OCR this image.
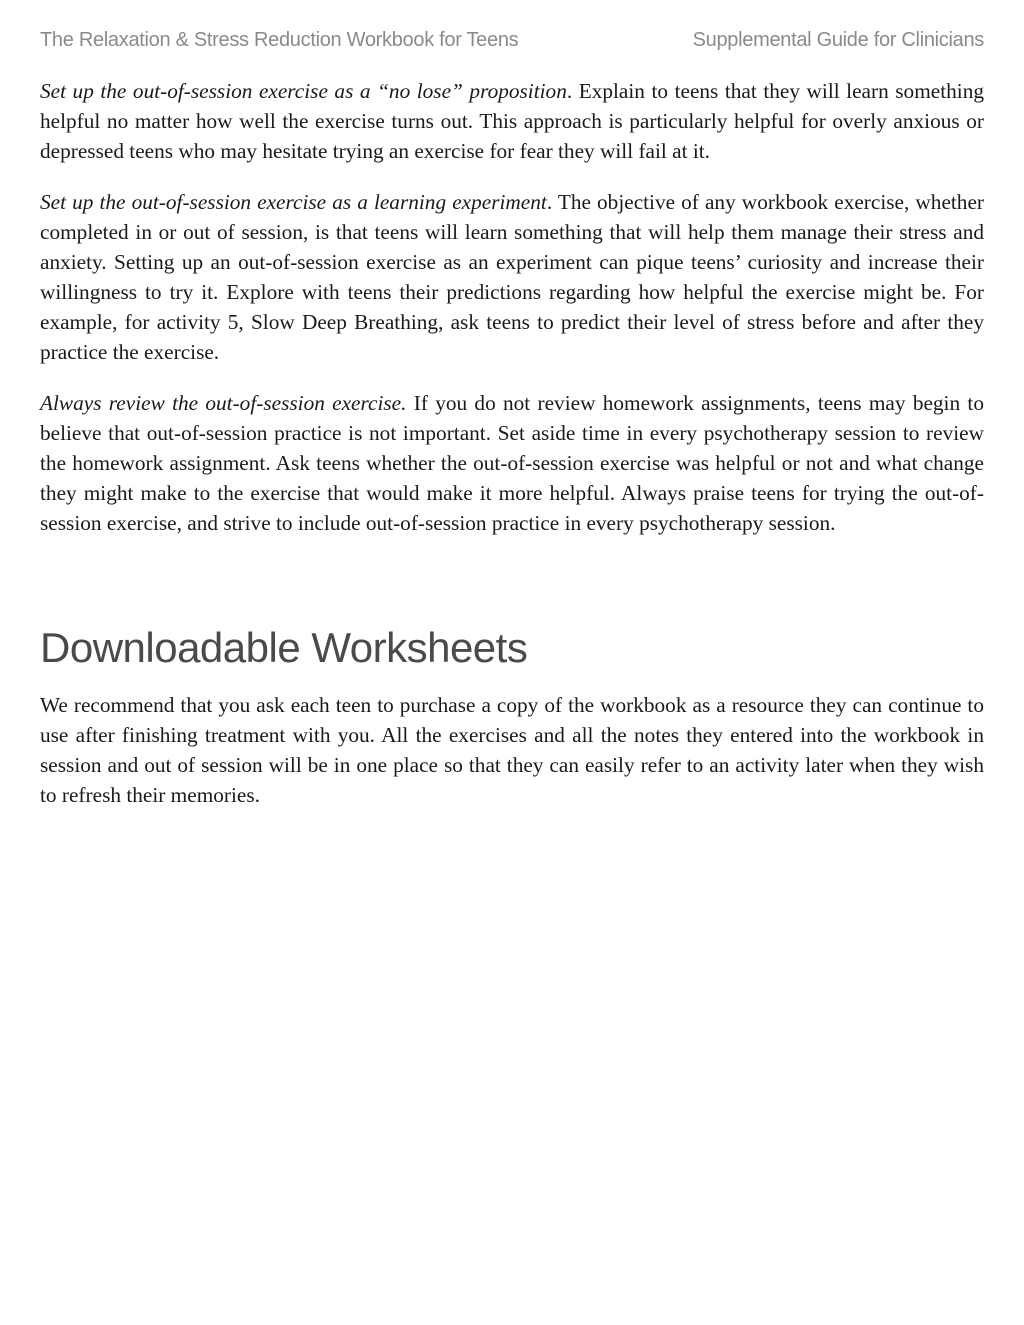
The Relaxation & Stress Reduction Workbook for Teens	Supplemental Guide for Clinicians

Set up the out-of-session exercise as a “no lose” proposition. Explain to teens that they will learn something helpful no matter how well the exercise turns out. This approach is particularly helpful for overly anxious or depressed teens who may hesitate trying an exercise for fear they will fail at it.

Set up the out-of-session exercise as a learning experiment. The objective of any workbook exercise, whether completed in or out of session, is that teens will learn something that will help them manage their stress and anxiety. Setting up an out-of-session exercise as an experiment can pique teens’ curiosity and increase their willingness to try it. Explore with teens their predictions regarding how helpful the exercise might be. For example, for activity 5, Slow Deep Breathing, ask teens to predict their level of stress before and after they practice the exercise.

Always review the out-of-session exercise. If you do not review homework assignments, teens may begin to believe that out-of-session practice is not important. Set aside time in every psychotherapy session to review the homework assignment. Ask teens whether the out-of-session exercise was helpful or not and what change they might make to the exercise that would make it more helpful. Always praise teens for trying the out-of-session exercise, and strive to include out-of-session practice in every psychotherapy session.

Downloadable Worksheets

We recommend that you ask each teen to purchase a copy of the workbook as a resource they can continue to use after finishing treatment with you. All the exercises and all the notes they entered into the workbook in session and out of session will be in one place so that they can easily refer to an activity later when they wish to refresh their memories.
